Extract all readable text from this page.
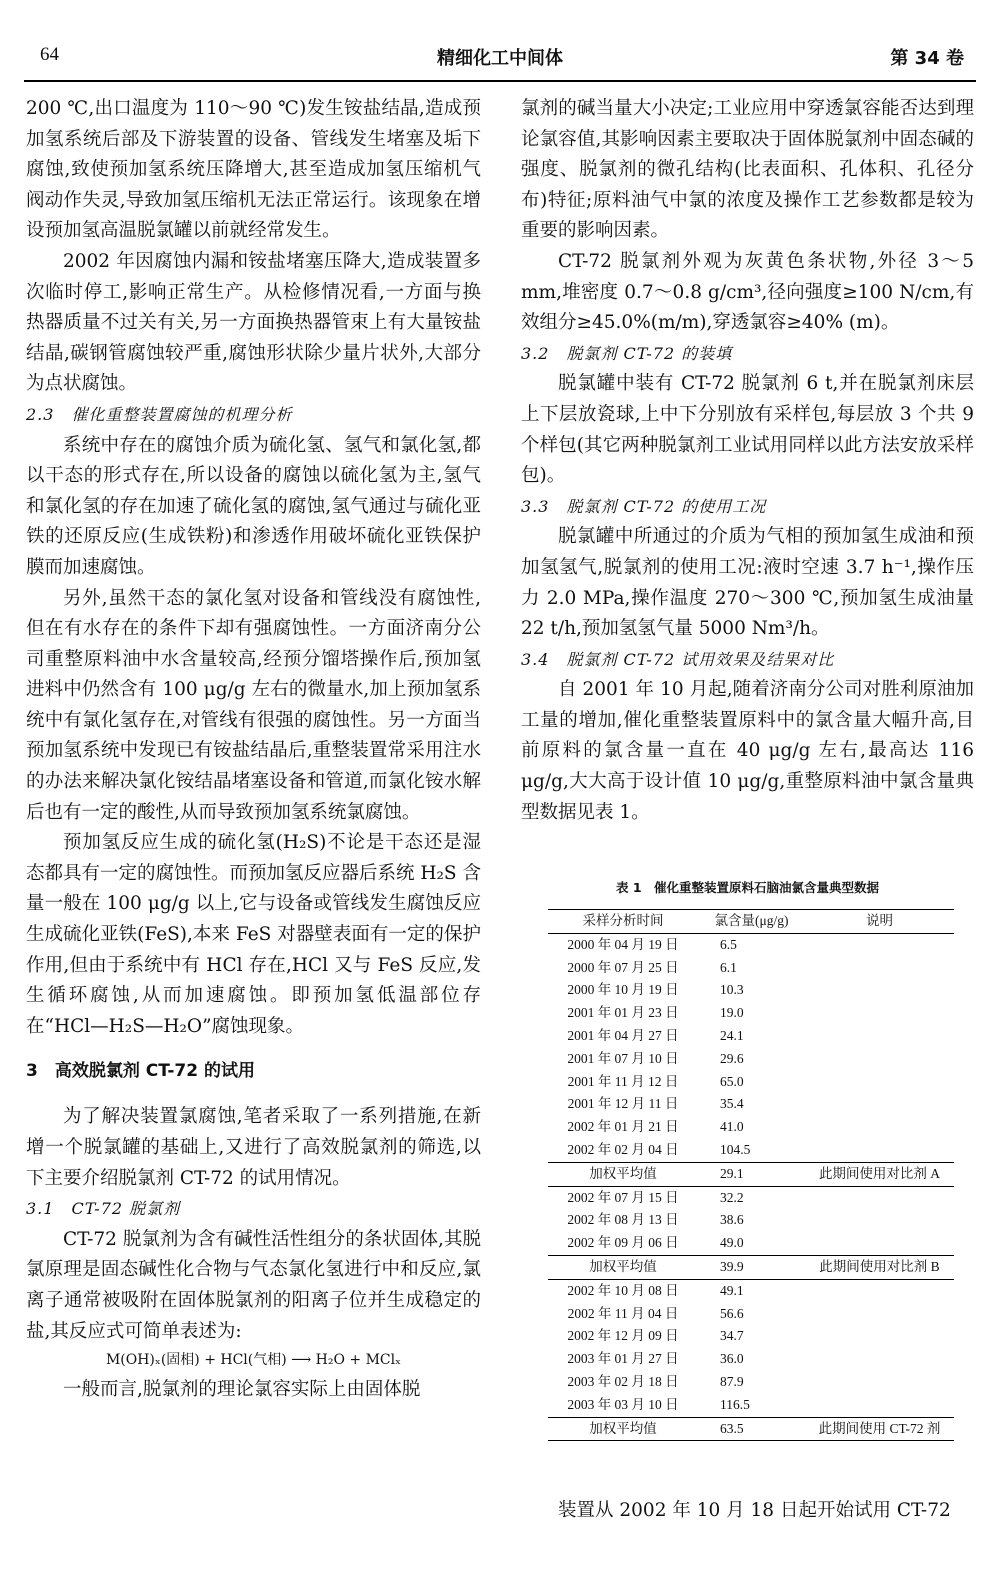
64	精细化工中间体	第 34 卷

200 ℃,出口温度为 110～90 ℃)发生铵盐结晶,造成预加氢系统后部及下游装置的设备、管线发生堵塞及垢下腐蚀,致使预加氢系统压降增大,甚至造成加氢压缩机气阀动作失灵,导致加氢压缩机无法正常运行。该现象在增设预加氢高温脱氯罐以前就经常发生。

2002 年因腐蚀内漏和铵盐堵塞压降大,造成装置多次临时停工,影响正常生产。从检修情况看,一方面与换热器质量不过关有关,另一方面换热器管束上有大量铵盐结晶,碳钢管腐蚀较严重,腐蚀形状除少量片状外,大部分为点状腐蚀。

2.3　催化重整装置腐蚀的机理分析

系统中存在的腐蚀介质为硫化氢、氢气和氯化氢,都以干态的形式存在,所以设备的腐蚀以硫化氢为主,氢气和氯化氢的存在加速了硫化氢的腐蚀,氢气通过与硫化亚铁的还原反应(生成铁粉)和渗透作用破坏硫化亚铁保护膜而加速腐蚀。

另外,虽然干态的氯化氢对设备和管线没有腐蚀性,但在有水存在的条件下却有强腐蚀性。一方面济南分公司重整原料油中水含量较高,经预分馏塔操作后,预加氢进料中仍然含有 100 μg/g 左右的微量水,加上预加氢系统中有氯化氢存在,对管线有很强的腐蚀性。另一方面当预加氢系统中发现已有铵盐结晶后,重整装置常采用注水的办法来解决氯化铵结晶堵塞设备和管道,而氯化铵水解后也有一定的酸性,从而导致预加氢系统氯腐蚀。

预加氢反应生成的硫化氢(H₂S)不论是干态还是湿态都具有一定的腐蚀性。而预加氢反应器后系统 H₂S 含量一般在 100 μg/g 以上,它与设备或管线发生腐蚀反应生成硫化亚铁(FeS),本来 FeS 对器壁表面有一定的保护作用,但由于系统中有 HCl 存在,HCl 又与 FeS 反应,发生循环腐蚀,从而加速腐蚀。即预加氢低温部位存在“HCl—H₂S—H₂O”腐蚀现象。

3　高效脱氯剂 CT-72 的试用

为了解决装置氯腐蚀,笔者采取了一系列措施,在新增一个脱氯罐的基础上,又进行了高效脱氯剂的筛选,以下主要介绍脱氯剂 CT-72 的试用情况。

3.1　CT-72 脱氯剂

CT-72 脱氯剂为含有碱性活性组分的条状固体,其脱氯原理是固态碱性化合物与气态氯化氢进行中和反应,氯离子通常被吸附在固体脱氯剂的阳离子位并生成稳定的盐,其反应式可简单表述为:

M(OH)ₓ(固相) + HCl(气相) ⟶ H₂O + MClₓ

一般而言,脱氯剂的理论氯容实际上由固体脱

氯剂的碱当量大小决定;工业应用中穿透氯容能否达到理论氯容值,其影响因素主要取决于固体脱氯剂中固态碱的强度、脱氯剂的微孔结构(比表面积、孔体积、孔径分布)特征;原料油气中氯的浓度及操作工艺参数都是较为重要的影响因素。

CT-72 脱氯剂外观为灰黄色条状物,外径 3～5 mm,堆密度 0.7～0.8 g/cm³,径向强度≥100 N/cm,有效组分≥45.0%(m/m),穿透氯容≥40% (m)。

3.2　脱氯剂 CT-72 的装填

脱氯罐中装有 CT-72 脱氯剂 6 t,并在脱氯剂床层上下层放瓷球,上中下分别放有采样包,每层放 3 个共 9 个样包(其它两种脱氯剂工业试用同样以此方法安放采样包)。

3.3　脱氯剂 CT-72 的使用工况

脱氯罐中所通过的介质为气相的预加氢生成油和预加氢氢气,脱氯剂的使用工况:液时空速 3.7 h⁻¹,操作压力 2.0 MPa,操作温度 270～300 ℃,预加氢生成油量 22 t/h,预加氢氢气量 5000 Nm³/h。

3.4　脱氯剂 CT-72 试用效果及结果对比

自 2001 年 10 月起,随着济南分公司对胜利原油加工量的增加,催化重整装置原料中的氯含量大幅升高,目前原料的氯含量一直在 40 μg/g 左右,最高达 116 μg/g,大大高于设计值 10 μg/g,重整原料油中氯含量典型数据见表 1。

表 1　催化重整装置原料石脑油氯含量典型数据
采样分析时间	氯含量(μg/g)	说明
2000 年 04 月 19 日	6.5	
2000 年 07 月 25 日	6.1	
2000 年 10 月 19 日	10.3	
2001 年 01 月 23 日	19.0	
2001 年 04 月 27 日	24.1	
2001 年 07 月 10 日	29.6	
2001 年 11 月 12 日	65.0	
2001 年 12 月 11 日	35.4	
2002 年 01 月 21 日	41.0	
2002 年 02 月 04 日	104.5	
加权平均值	29.1	此期间使用对比剂 A
2002 年 07 月 15 日	32.2	
2002 年 08 月 13 日	38.6	
2002 年 09 月 06 日	49.0	
加权平均值	39.9	此期间使用对比剂 B
2002 年 10 月 08 日	49.1	
2002 年 11 月 04 日	56.6	
2002 年 12 月 09 日	34.7	
2003 年 01 月 27 日	36.0	
2003 年 02 月 18 日	87.9	
2003 年 03 月 10 日	116.5	
加权平均值	63.5	此期间使用 CT-72 剂
装置从 2002 年 10 月 18 日起开始试用 CT-72
